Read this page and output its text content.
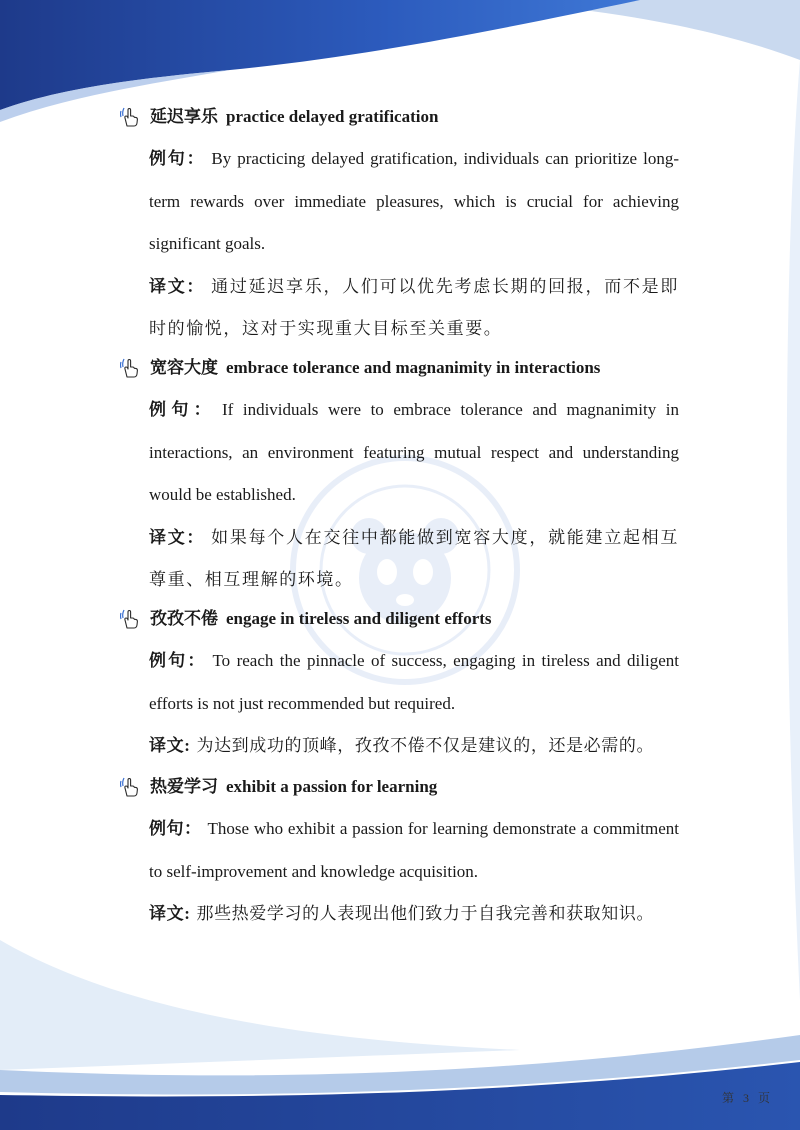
延迟享乐 practice delayed gratification

例句： By practicing delayed gratification, individuals can prioritize long-term rewards over immediate pleasures, which is crucial for achieving significant goals.

译文： 通过延迟享乐，人们可以优先考虑长期的回报，而不是即时的愉悦，这对于实现重大目标至关重要。

宽容大度 embrace tolerance and magnanimity in interactions

例句： If individuals were to embrace tolerance and magnanimity in interactions, an environment featuring mutual respect and understanding would be established.

译文： 如果每个人在交往中都能做到宽容大度，就能建立起相互尊重、相互理解的环境。

孜孜不倦 engage in tireless and diligent efforts

例句： To reach the pinnacle of success, engaging in tireless and diligent efforts is not just recommended but required.

译文: 为达到成功的顶峰，孜孜不倦不仅是建议的，还是必需的。

热爱学习 exhibit a passion for learning

例句： Those who exhibit a passion for learning demonstrate a commitment to self-improvement and knowledge acquisition.

译文: 那些热爱学习的人表现出他们致力于自我完善和获取知识。

第 3 页
